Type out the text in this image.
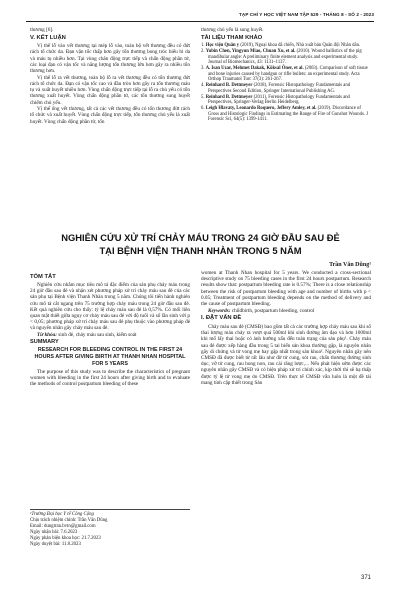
TẠP CHÍ Y HỌC VIỆT NAM TẬP 529 - THÁNG 8 - SỐ 2 - 2023

thương [6].

V. KẾT LUẬN

Vị thế lỗ vào vết thương tại mép lỗ vào, toàn bộ vết thương đều có đứt rách tổ chức da. Đạn vận tốc thấp hơn gây tổn thương bong tróc biểu bì da và máu tụ nhiều hơn. Tại vùng chân động trực tiếp và chấn động phần tử, các loại đạn có vận tốc và năng lượng tổn thương lớn hơn gây ra nhiều tổn thương hơn.

Vị thế lỗ ra vết thương, toàn bộ lỗ ra vết thương đều có tổn thương đứt rách tổ chức da. Đạn có vận tốc cao và đầu tròn hơn gây ra tổn thương máu tụ và xuất huyết nhiều hơn. Vùng chấn động trực tiếp tại lỗ ra chủ yếu có tổn thương xuất huyết. Vùng chấn động phần tử, các tổn thương sung huyết chiếm chủ yếu.

Vị thế ống vết thương, tất cả các vết thương đều có tổn thương đứt rách tổ chức và xuất huyết. Vùng chấn động trực tiếp, tổn thương chủ yếu là xuất huyết. Vùng chấn động phần tử, tổn

thương chủ yếu là sung huyết.

TÀI LIỆU THAM KHẢO
1. Học viện Quân y (2019), Ngoại khoa dã chiến, Nhà xuất bản Quân đội Nhân dân.
2. Yubin Chen, Yingyun Miao, Chuan Xu, et al. (2010). Wound ballistics of the pig mandibular angle: A preliminary finite element analysis and experimental study. Journal of Biomechanics, 43: 1131–1137.
3. A. Isan Uzar, Mehmet Dakak, Köksal Öner, et al. (2003). Comparison of soft tissue and bone injuries caused by handgun or rifle bullets: an experimental study. Acta Orthop Traumatol Turc 37(3): 261-267.
4. Reinhard B. Dettmeyer (2018), Forensic Histopathology Fundamentals and Perspectives Second Edition, Springer International Publishing AG.
5. Reinhard B. Dettmeyer (2011), Forensic Histopathology Fundamentals and Perspectives, Springer-Verlag Berlin Heidelberg.
6. Leigh Hlavaty, Leonardo Roquero, Jeffery Amley, et al. (2019). Discordance of Gross and Histologic Findings in Estimating the Range of Fire of Gunshot Wounds. J Forensic Sci, 64(5): 1399-1411.
NGHIÊN CỨU XỬ TRÍ CHẢY MÁU TRONG 24 GIỜ ĐẦU SAU ĐẺ
TẠI BỆNH VIỆN THANH NHÀN TRONG 5 NĂM
Trần Văn Dũng¹
TÓM TẮT

Nghiên cứu nhằm mục tiêu mô tả đặc điểm của sản phụ chảy máu trong 24 giờ đầu sau đẻ và nhận xét phương pháp xử trí chảy máu sau đẻ của các sản phụ tại Bệnh viện Thanh Nhàn trong 5 năm. Chúng tôi tiến hành nghiên cứu mô tả cắt ngang trên 75 trường hợp chảy máu trong 24 giờ đầu sau đẻ. Kết quả nghiên cứu cho thấy: tỷ lệ chảy máu sau đẻ là 0,57%. Có mối liên quan mật thiết giữa nguy cơ chảy máu sau đẻ với độ tuổi và số lần sinh với p < 0,05; phương pháp xử trí chảy máu sau đẻ phụ thuộc vào phương pháp đẻ và nguyên nhân gây chảy máu sau đẻ.

Từ khóa: sinh đẻ, chảy máu sau sinh, kiểm soát

SUMMARY
RESEARCH FOR BLEEDING CONTROL IN THE FIRST 24 HOURS AFTER GIVING BIRTH AT THANH NHAN HOSPITAL FOR 5 YEARS

The purpose of this study was to describe the characteristics of pregnant women with bleeding in the first 24 hours after giving birth and to evaluate the methods of control postpartum bleeding of these

women at Thanh Nhan hospital for 5 years. We conducted a cross-sectional descriptive study on 75 bleeding cases in the first 24 hours postpartum. Research results show that: postpartum bleeding rate is 0.57%; There is a close relationship between the risk of postpartum bleeding with age and number of births with p < 0.05; Treatment of postpartum bleeding depends on the method of delivery and the cause of postpartum bleeding.

Keywords: childbirth, postpartum bleeding, control

I. ĐẶT VẤN ĐỀ

Chảy máu sau đẻ (CMSĐ) bao gồm tất cả các trường hợp chảy máu sau khi sổ thai lượng máu chảy ra vượt quá 500ml khi sinh đường âm đạo và hơn 1000ml khi mổ lấy thai hoặc có ảnh hưởng xấu đến toàn trạng của sản phụ¹. Chảy máu sau đẻ được xếp hàng đầu trong 5 tai biến sản khoa thường gặp, là nguyên nhân gây di chứng và tử vong mẹ hay gặp nhất trong sản khoa². Nguyên nhân gây nên CMSĐ đã được biết từ rất lâu như đờ tử cung, sót rau, chấn thương đường sinh dục, vỡ tử cung, rau bong non, rau cài răng lược,... Nếu phát hiện sớm được các nguyên nhân gây CMSĐ và có biện pháp xử trí chính xác, kịp thời thì sẽ hạ thấp được tỷ lệ tử vong mẹ do CMSĐ. Trên thực tế CMSĐ vẫn luôn là một đề tài mang tính cập thiết trong Sản

¹Trường Đại học Y tế Công Cộng
Chịu trách nhiệm chính: Trần Văn Dũng
Email: dungtran.bvtn@gmail.com
Ngày nhận bài: 7.6.2023
Ngày phản biện khoa học: 21.7.2023
Ngày duyệt bài: 11.8.2023
371
